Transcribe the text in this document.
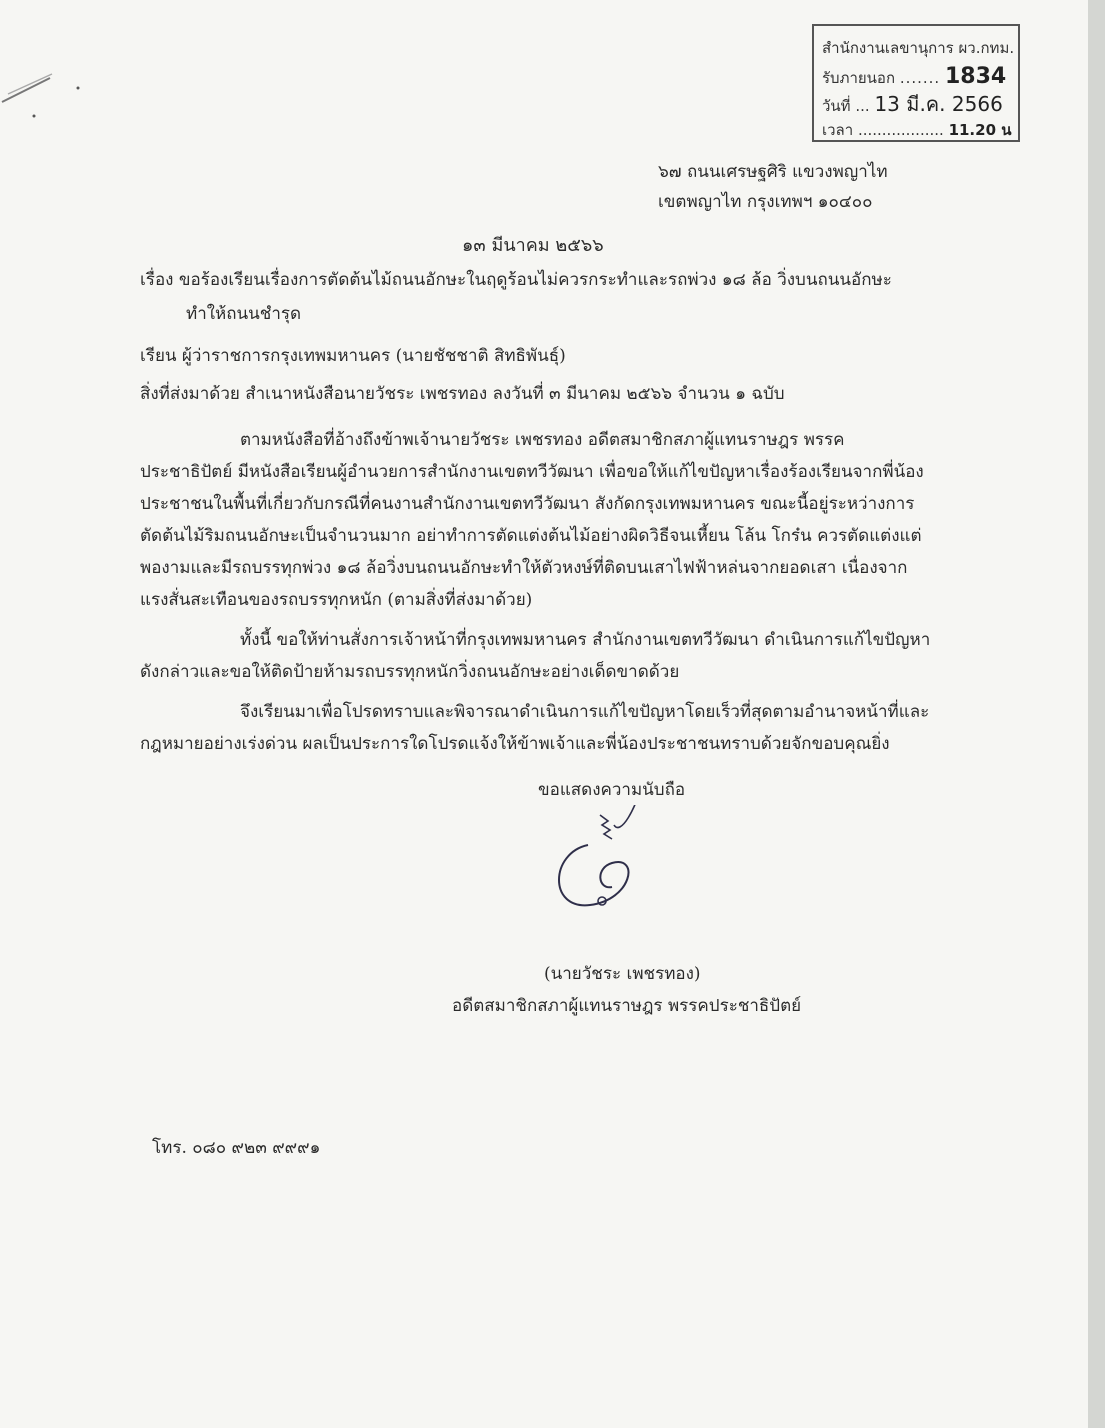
สำนักงานเลขานุการ ผว.กทม.
รับภายนอก ....... 1834
วันที่ ... 13 มี.ค. 2566
เวลา .................. 11.20 น
๖๗ ถนนเศรษฐศิริ แขวงพญาไท
เขตพญาไท กรุงเทพฯ ๑๐๔๐๐
๑๓ มีนาคม ๒๕๖๖
เรื่อง ขอร้องเรียนเรื่องการตัดต้นไม้ถนนอักษะในฤดูร้อนไม่ควรกระทำและรถพ่วง ๑๘ ล้อ วิ่งบนถนนอักษะ
ทำให้ถนนชำรุด
เรียน ผู้ว่าราชการกรุงเทพมหานคร (นายชัชชาติ สิทธิพันธุ์)
สิ่งที่ส่งมาด้วย สำเนาหนังสือนายวัชระ เพชรทอง ลงวันที่ ๓ มีนาคม ๒๕๖๖ จำนวน ๑ ฉบับ
ตามหนังสือที่อ้างถึงข้าพเจ้านายวัชระ เพชรทอง อดีตสมาชิกสภาผู้แทนราษฎร พรรค
ประชาธิปัตย์ มีหนังสือเรียนผู้อำนวยการสำนักงานเขตทวีวัฒนา เพื่อขอให้แก้ไขปัญหาเรื่องร้องเรียนจากพี่น้อง
ประชาชนในพื้นที่เกี่ยวกับกรณีที่คนงานสำนักงานเขตทวีวัฒนา สังกัดกรุงเทพมหานคร ขณะนี้อยู่ระหว่างการ
ตัดต้นไม้ริมถนนอักษะเป็นจำนวนมาก อย่าทำการตัดแต่งต้นไม้อย่างผิดวิธีจนเหี้ยน โล้น โกร๋น ควรตัดแต่งแต่
พองามและมีรถบรรทุกพ่วง ๑๘ ล้อวิ่งบนถนนอักษะทำให้ตัวหงษ์ที่ติดบนเสาไฟฟ้าหล่นจากยอดเสา เนื่องจาก
แรงสั่นสะเทือนของรถบรรทุกหนัก (ตามสิ่งที่ส่งมาด้วย)
ทั้งนี้ ขอให้ท่านสั่งการเจ้าหน้าที่กรุงเทพมหานคร สำนักงานเขตทวีวัฒนา ดำเนินการแก้ไขปัญหา
ดังกล่าวและขอให้ติดป้ายห้ามรถบรรทุกหนักวิ่งถนนอักษะอย่างเด็ดขาดด้วย
จึงเรียนมาเพื่อโปรดทราบและพิจารณาดำเนินการแก้ไขปัญหาโดยเร็วที่สุดตามอำนาจหน้าที่และ
กฎหมายอย่างเร่งด่วน ผลเป็นประการใดโปรดแจ้งให้ข้าพเจ้าและพี่น้องประชาชนทราบด้วยจักขอบคุณยิ่ง
ขอแสดงความนับถือ
(นายวัชระ เพชรทอง)
อดีตสมาชิกสภาผู้แทนราษฎร พรรคประชาธิปัตย์
โทร. ๐๘๐ ๙๒๓ ๙๙๙๑
